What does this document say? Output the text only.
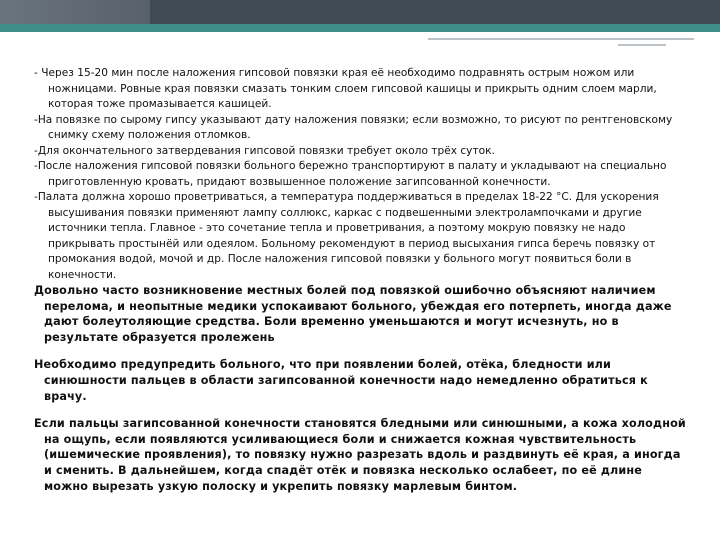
- Через 15-20 мин после наложения гипсовой повязки края её необходимо подравнять острым ножом или ножницами. Ровные края повязки смазать тонким слоем гипсовой кашицы и прикрыть одним слоем марли, которая тоже промазывается кашицей.

-На повязке по сырому гипсу указывают дату наложения повязки; если возможно, то рисуют по рентгеновскому снимку схему положения отломков.

-Для окончательного затвердевания гипсовой повязки требует около трёх суток.

-После наложения гипсовой повязки больного бережно транспортируют в палату и укладывают на специально приготовленную кровать, придают возвышенное положение загипсованной конечности.

-Палата должна хорошо проветриваться, а температура поддерживаться в пределах 18-22 °С. Для ускорения высушивания повязки применяют лампу соллюкс, каркас с подвешенными электролампочками и другие источники тепла. Главное - это сочетание тепла и проветривания, а поэтому мокрую повязку не надо прикрывать простынёй или одеялом. Больному рекомендуют в период высыхания гипса беречь повязку от промокания водой, мочой и др. После наложения гипсовой повязки у больного могут появиться боли в конечности.

Довольно часто возникновение местных болей под повязкой ошибочно объясняют наличием перелома, и неопытные медики успокаивают больного, убеждая его потерпеть, иногда даже дают болеутоляющие средства. Боли временно уменьшаются и могут исчезнуть, но в результате образуется пролежень

Необходимо предупредить больного, что при появлении болей, отёка, бледности или синюшности пальцев в области загипсованной конечности надо немедленно обратиться к врачу.

Если пальцы загипсованной конечности становятся бледными или синюшными, а кожа холодной на ощупь, если появляются усиливающиеся боли и снижается кожная чувствительность (ишемические проявления), то повязку нужно разрезать вдоль и раздвинуть её края, а иногда и сменить. В дальнейшем, когда спадёт отёк и повязка несколько ослабеет, по её длине можно вырезать узкую полоску и укрепить повязку марлевым бинтом.
